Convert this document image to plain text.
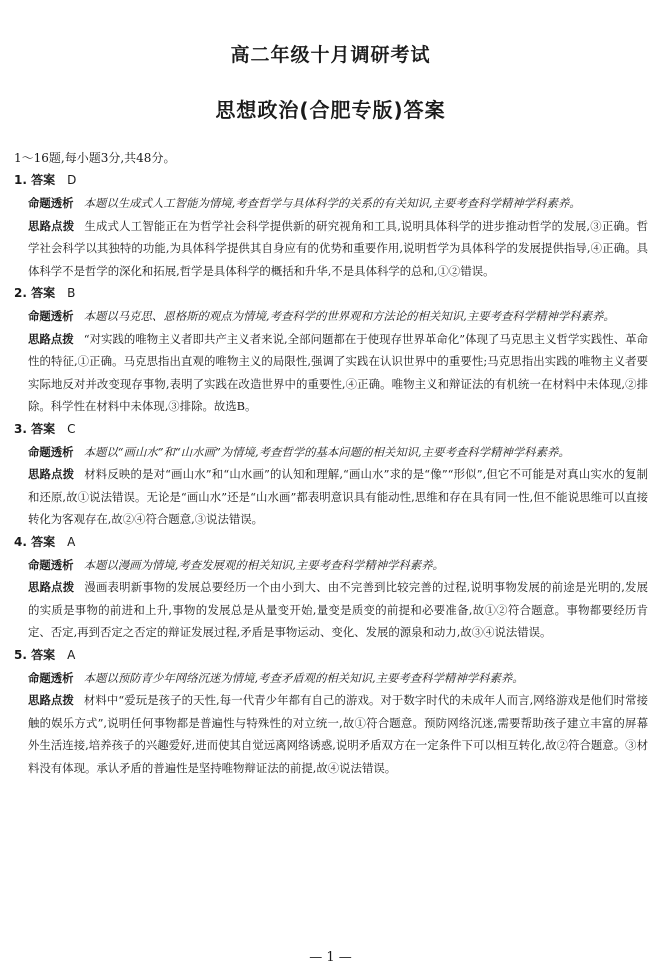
高二年级十月调研考试
思想政治(合肥专版)答案
1～16题,每小题3分,共48分。
1. 答案 D
命题透析 本题以生成式人工智能为情境,考查哲学与具体科学的关系的有关知识,主要考查科学精神学科素养。
思路点拨 生成式人工智能正在为哲学社会科学提供新的研究视角和工具,说明具体科学的进步推动哲学的发展,③正确。哲学社会科学以其独特的功能,为具体科学提供其自身应有的优势和重要作用,说明哲学为具体科学的发展提供指导,④正确。具体科学不是哲学的深化和拓展,哲学是具体科学的概括和升华,不是具体科学的总和,①②错误。
2. 答案 B
命题透析 本题以马克思、恩格斯的观点为情境,考查科学的世界观和方法论的相关知识,主要考查科学精神学科素养。
思路点拨 “对实践的唯物主义者即共产主义者来说,全部问题都在于使现存世界革命化”体现了马克思主义哲学实践性、革命性的特征,①正确。马克思指出直观的唯物主义的局限性,强调了实践在认识世界中的重要性;马克思指出实践的唯物主义者要实际地反对并改变现存事物,表明了实践在改造世界中的重要性,④正确。唯物主义和辩证法的有机统一在材料中未体现,②排除。科学性在材料中未体现,③排除。故选B。
3. 答案 C
命题透析 本题以“画山水”和“山水画”为情境,考查哲学的基本问题的相关知识,主要考查科学精神学科素养。
思路点拨 材料反映的是对“画山水”和“山水画”的认知和理解,“画山水”求的是“像”“形似”,但它不可能是对真山实水的复制和还原,故①说法错误。无论是“画山水”还是“山水画”都表明意识具有能动性,思维和存在具有同一性,但不能说思维可以直接转化为客观存在,故②④符合题意,③说法错误。
4. 答案 A
命题透析 本题以漫画为情境,考查发展观的相关知识,主要考查科学精神学科素养。
思路点拨 漫画表明新事物的发展总要经历一个由小到大、由不完善到比较完善的过程,说明事物发展的前途是光明的,发展的实质是事物的前进和上升,事物的发展总是从量变开始,量变是质变的前提和必要准备,故①②符合题意。事物都要经历肯定、否定,再到否定之否定的辩证发展过程,矛盾是事物运动、变化、发展的源泉和动力,故③④说法错误。
5. 答案 A
命题透析 本题以预防青少年网络沉迷为情境,考查矛盾观的相关知识,主要考查科学精神学科素养。
思路点拨 材料中“爱玩是孩子的天性,每一代青少年都有自己的游戏。对于数字时代的未成年人而言,网络游戏是他们时常接触的娱乐方式”,说明任何事物都是普遍性与特殊性的对立统一,故①符合题意。预防网络沉迷,需要帮助孩子建立丰富的屏幕外生活连接,培养孩子的兴趣爱好,进而使其自觉远离网络诱惑,说明矛盾双方在一定条件下可以相互转化,故②符合题意。③材料没有体现。承认矛盾的普遍性是坚持唯物辩证法的前提,故④说法错误。
— 1 —
